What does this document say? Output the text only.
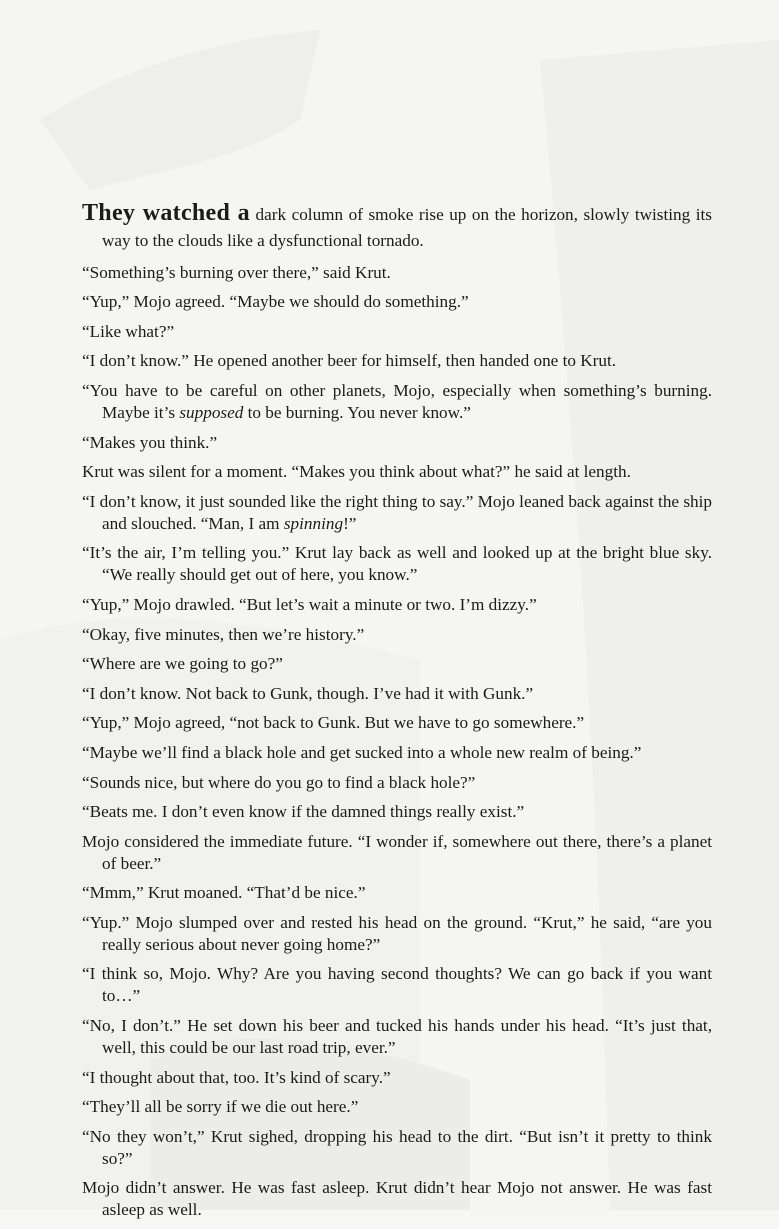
They watched a dark column of smoke rise up on the horizon, slowly twisting its way to the clouds like a dysfunctional tornado.

“Something’s burning over there,” said Krut.

“Yup,” Mojo agreed. “Maybe we should do something.”

“Like what?”

“I don’t know.” He opened another beer for himself, then handed one to Krut.

“You have to be careful on other planets, Mojo, especially when something’s burning. Maybe it’s supposed to be burning. You never know.”

“Makes you think.”

Krut was silent for a moment. “Makes you think about what?” he said at length.

“I don’t know, it just sounded like the right thing to say.” Mojo leaned back against the ship and slouched. “Man, I am spinning!”

“It’s the air, I’m telling you.” Krut lay back as well and looked up at the bright blue sky. “We really should get out of here, you know.”

“Yup,” Mojo drawled. “But let’s wait a minute or two. I’m dizzy.”

“Okay, five minutes, then we’re history.”

“Where are we going to go?”

“I don’t know. Not back to Gunk, though. I’ve had it with Gunk.”

“Yup,” Mojo agreed, “not back to Gunk. But we have to go somewhere.”

“Maybe we’ll find a black hole and get sucked into a whole new realm of being.”

“Sounds nice, but where do you go to find a black hole?”

“Beats me. I don’t even know if the damned things really exist.”

Mojo considered the immediate future. “I wonder if, somewhere out there, there’s a planet of beer.”

“Mmm,” Krut moaned. “That’d be nice.”

“Yup.” Mojo slumped over and rested his head on the ground. “Krut,” he said, “are you really serious about never going home?”

“I think so, Mojo. Why? Are you having second thoughts? We can go back if you want to…”

“No, I don’t.” He set down his beer and tucked his hands under his head. “It’s just that, well, this could be our last road trip, ever.”

“I thought about that, too. It’s kind of scary.”

“They’ll all be sorry if we die out here.”

“No they won’t,” Krut sighed, dropping his head to the dirt. “But isn’t it pretty to think so?”

Mojo didn’t answer. He was fast asleep. Krut didn’t hear Mojo not answer. He was fast asleep as well.
